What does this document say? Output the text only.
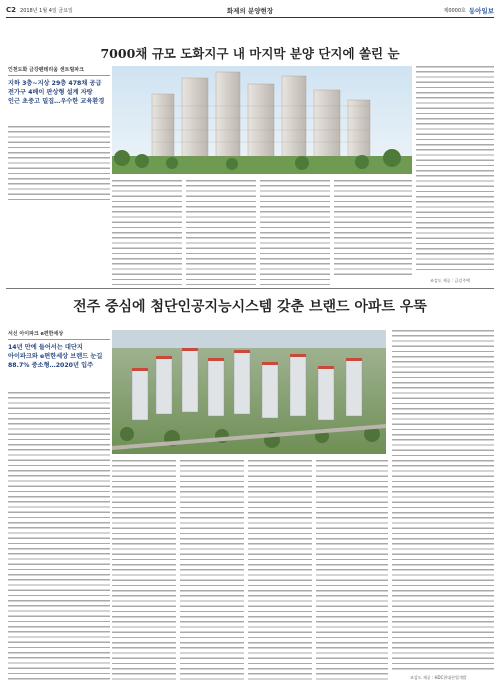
C2 2018년 1월 4일 금요일	화제의 분양현장	제0000호 동아일보
7000채 규모 도화지구 내 마지막 분양 단지에 쏠린 눈
인천도화 금강펜테리움 센트럴파크
지하 3층~지상 29층 478채 공급
전가구 4베이 판상형 설계 자랑
인근 초중고 밀집…우수한 교육환경
조감도 제공 : 금강주택
전주 중심에 첨단인공지능시스템 갖춘 브랜드 아파트 우뚝
서신 아이파크 e편한세상
14년 만에 들어서는 대단지
아이파크와 e편한세상 브랜드 눈길
88.7% 중소형…2020년 입주
조감도 제공 : HDC현대산업개발
